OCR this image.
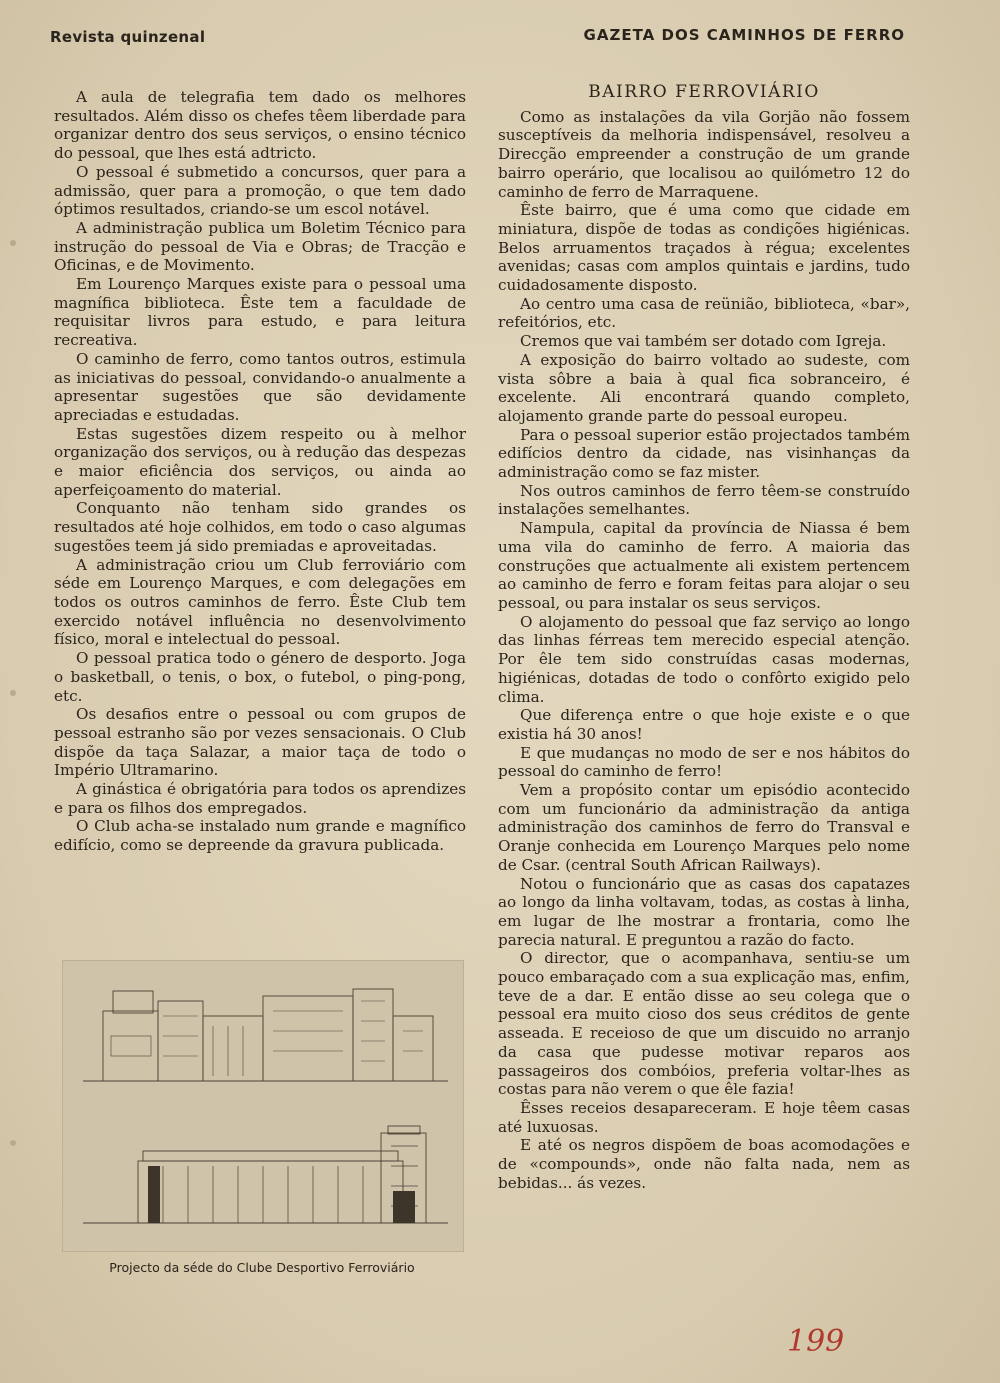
Revista quinzenal	GAZETA DOS CAMINHOS DE FERRO

A aula de telegrafia tem dado os melhores resultados. Além disso os chefes têem liberdade para organizar dentro dos seus serviços, o ensino técnico do pessoal, que lhes está adtricto.

O pessoal é submetido a concursos, quer para a admissão, quer para a promoção, o que tem dado óptimos resultados, criando-se um escol notável.

A administração publica um Boletim Técnico para instrução do pessoal de Via e Obras; de Tracção e Oficinas, e de Movimento.

Em Lourenço Marques existe para o pessoal uma magnífica biblioteca. Êste tem a faculdade de requisitar livros para estudo, e para leitura recreativa.

O caminho de ferro, como tantos outros, estimula as iniciativas do pessoal, convidando-o anualmente a apresentar sugestões que são devidamente apreciadas e estudadas.

Estas sugestões dizem respeito ou à melhor organização dos serviços, ou à redução das despezas e maior eficiência dos serviços, ou ainda ao aperfeiçoamento do material.

Conquanto não tenham sido grandes os resultados até hoje colhidos, em todo o caso algumas sugestões teem já sido premiadas e aproveitadas.

A administração criou um Club ferroviário com séde em Lourenço Marques, e com delegações em todos os outros caminhos de ferro. Êste Club tem exercido notável influência no desenvolvimento físico, moral e intelectual do pessoal.

O pessoal pratica todo o género de desporto. Joga o basketball, o tenis, o box, o futebol, o ping-pong, etc.

Os desafios entre o pessoal ou com grupos de pessoal estranho são por vezes sensacionais. O Club dispõe da taça Salazar, a maior taça de todo o Império Ultramarino.

A ginástica é obrigatória para todos os aprendizes e para os filhos dos empregados.

O Club acha-se instalado num grande e magnífico edifício, como se depreende da gravura publicada.

Projecto da séde do Clube Desportivo Ferroviário
BAIRRO FERROVIÁRIO

Como as instalações da vila Gorjão não fossem susceptíveis da melhoria indispensável, resolveu a Direcção empreender a construção de um grande bairro operário, que localisou ao quilómetro 12 do caminho de ferro de Marraquene.

Êste bairro, que é uma como que cidade em miniatura, dispõe de todas as condições higiénicas. Belos arruamentos traçados à régua; excelentes avenidas; casas com amplos quintais e jardins, tudo cuidadosamente disposto.

Ao centro uma casa de reünião, biblioteca, «bar», refeitórios, etc.

Cremos que vai também ser dotado com Igreja.

A exposição do bairro voltado ao sudeste, com vista sôbre a baia à qual fica sobranceiro, é excelente. Ali encontrará quando completo, alojamento grande parte do pessoal europeu.

Para o pessoal superior estão projectados também edifícios dentro da cidade, nas visinhanças da administração como se faz mister.

Nos outros caminhos de ferro têem-se construído instalações semelhantes.

Nampula, capital da província de Niassa é bem uma vila do caminho de ferro. A maioria das construções que actualmente ali existem pertencem ao caminho de ferro e foram feitas para alojar o seu pessoal, ou para instalar os seus serviços.

O alojamento do pessoal que faz serviço ao longo das linhas férreas tem merecido especial atenção. Por êle tem sido construídas casas modernas, higiénicas, dotadas de todo o confôrto exigido pelo clima.

Que diferença entre o que hoje existe e o que existia há 30 anos!

E que mudanças no modo de ser e nos hábitos do pessoal do caminho de ferro!

Vem a propósito contar um episódio acontecido com um funcionário da administração da antiga administração dos caminhos de ferro do Transval e Oranje conhecida em Lourenço Marques pelo nome de Csar. (central South African Railways).

Notou o funcionário que as casas dos capatazes ao longo da linha voltavam, todas, as costas à linha, em lugar de lhe mostrar a frontaria, como lhe parecia natural. E preguntou a razão do facto.

O director, que o acompanhava, sentiu-se um pouco embaraçado com a sua explicação mas, enfim, teve de a dar. E então disse ao seu colega que o pessoal era muito cioso dos seus créditos de gente asseada. E receioso de que um discuido no arranjo da casa que pudesse motivar reparos aos passageiros dos combóios, preferia voltar-lhes as costas para não verem o que êle fazia!

Êsses receios desapareceram. E hoje têem casas até luxuosas.

E até os negros dispõem de boas acomodações e de «compounds», onde não falta nada, nem as bebidas... ás vezes.

199
